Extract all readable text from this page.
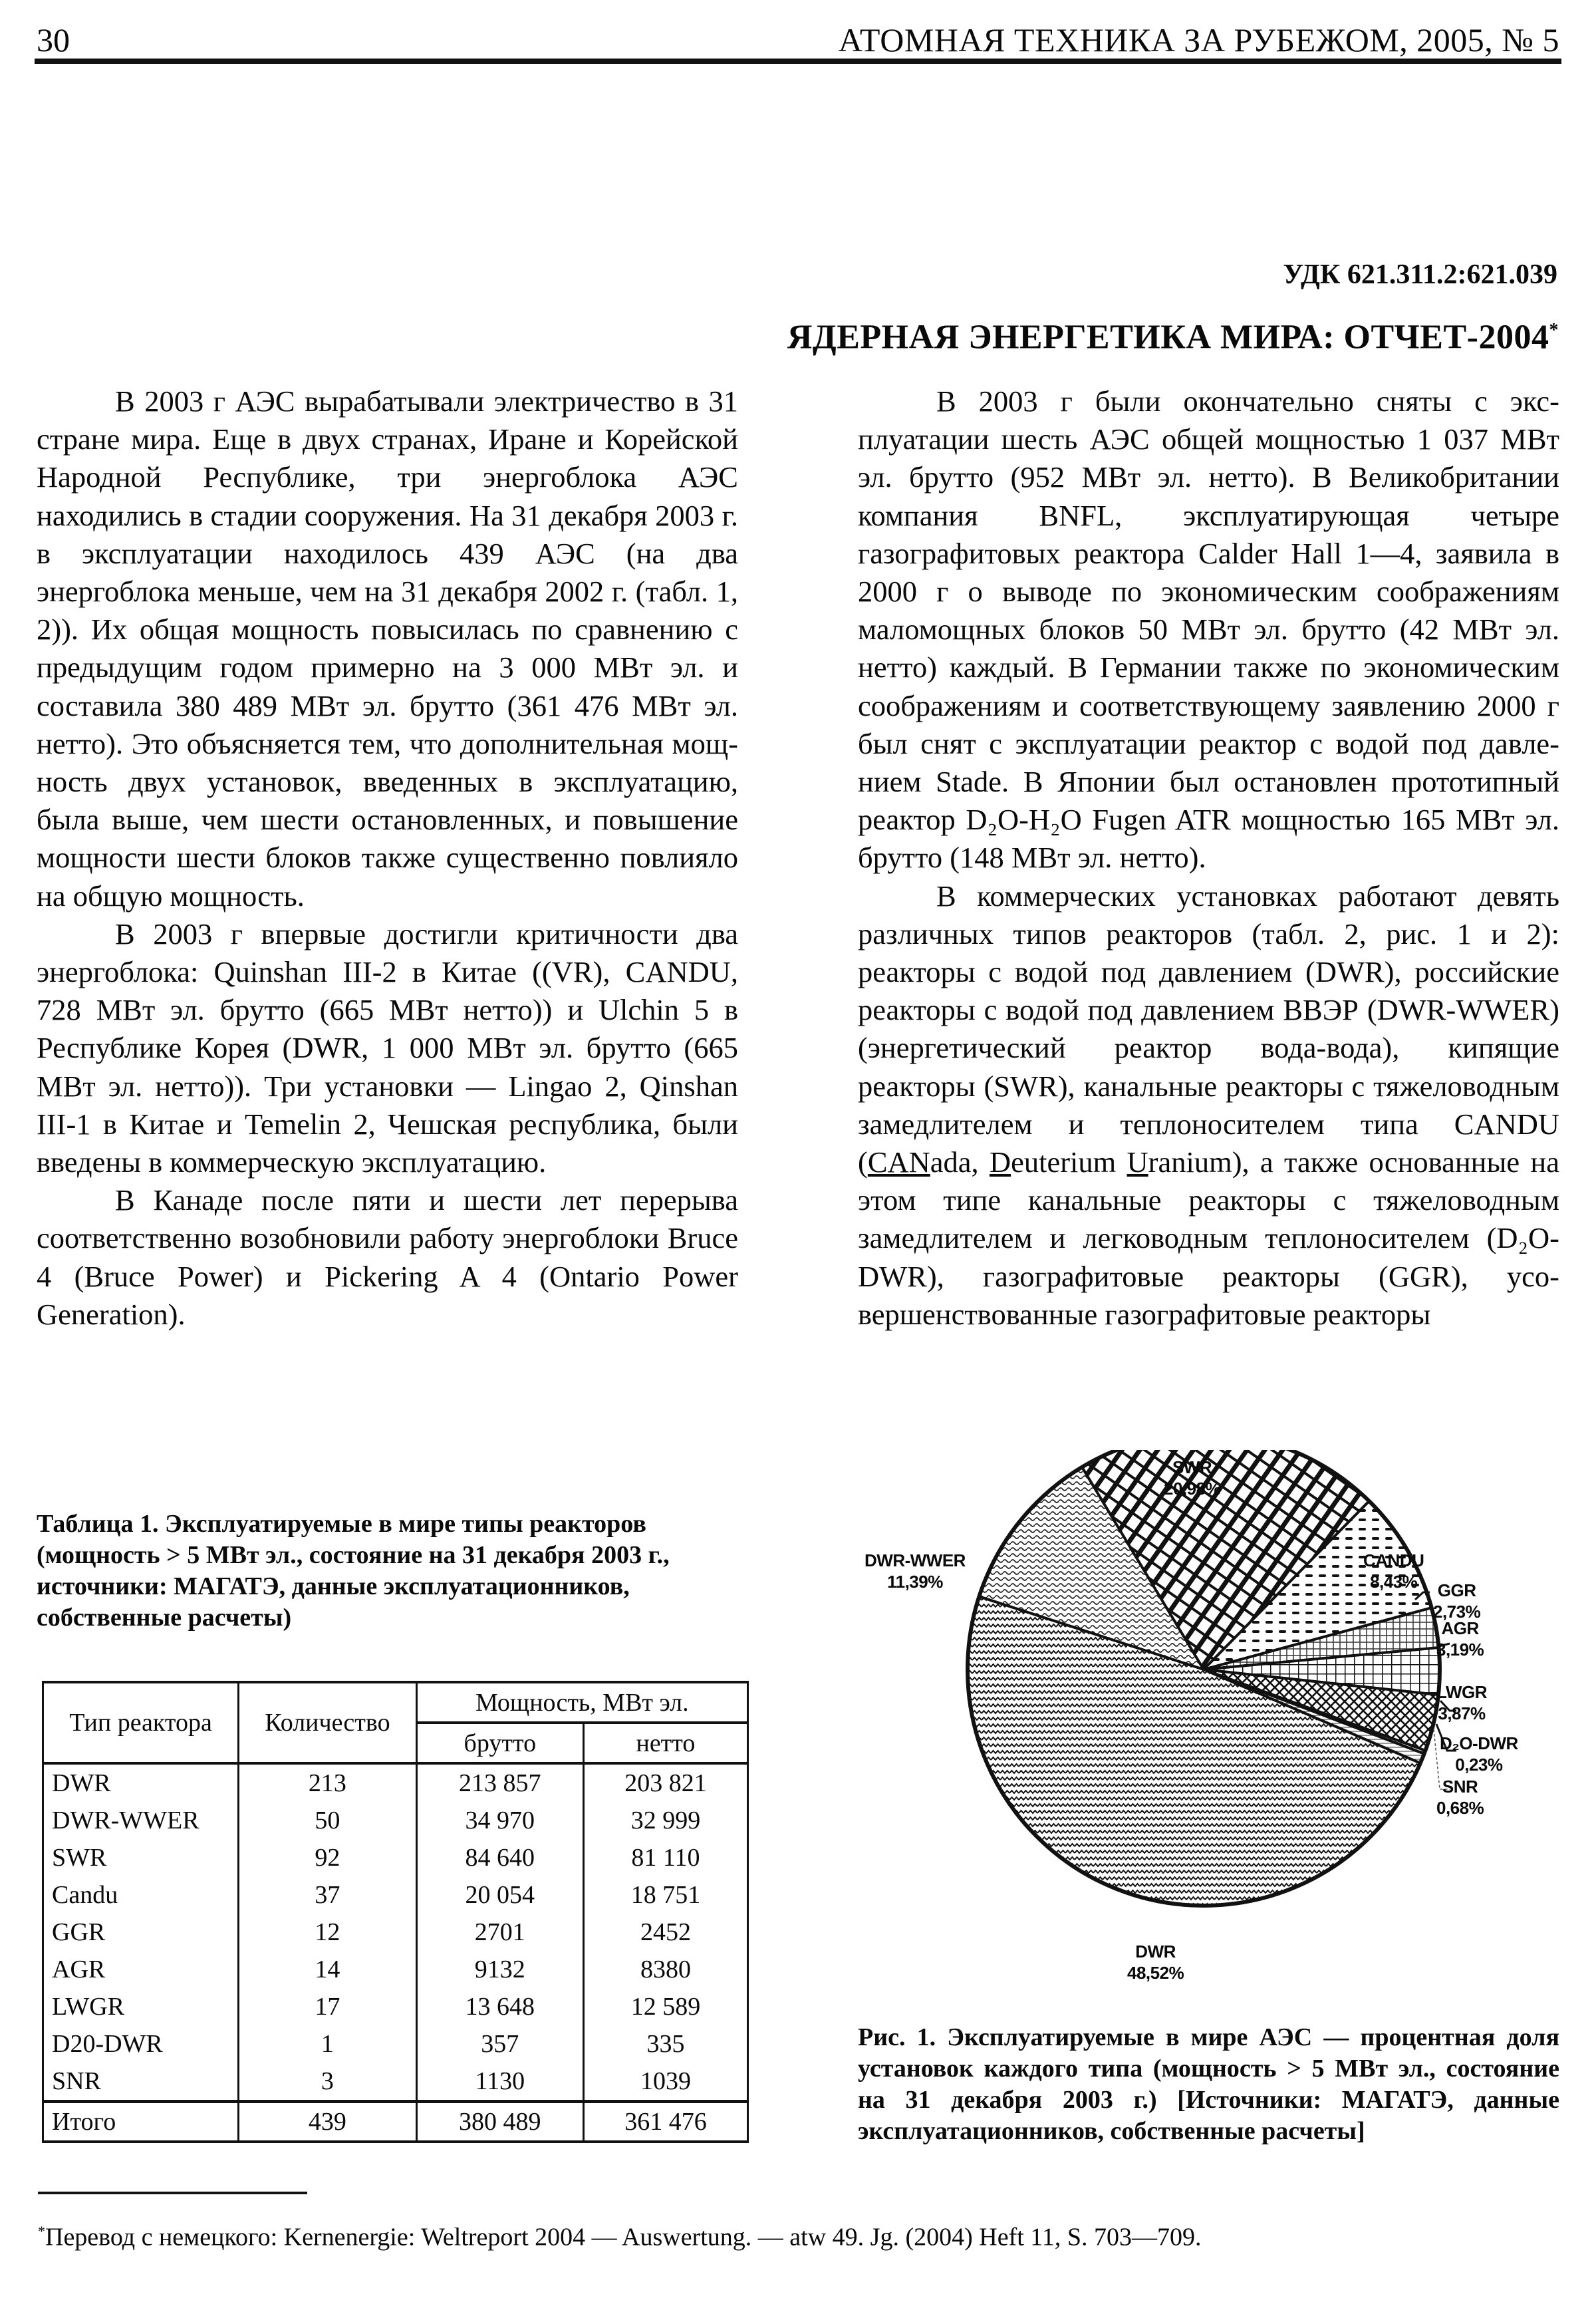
30	АТОМНАЯ ТЕХНИКА ЗА РУБЕЖОМ, 2005, № 5
УДК 621.311.2:621.039
ЯДЕРНАЯ ЭНЕРГЕТИКА МИРА: ОТЧЕТ-2004*

В 2003 г АЭС вырабатывали электричество в 31 стране мира. Еще в двух странах, Иране и Корейской Народной Республике, три энергоблока АЭС находились в стадии сооружения. На 31 декабря 2003 г. в эксплуатации находилось 439 АЭС (на два энергоблока меньше, чем на 31 декабря 2002 г. (табл. 1, 2)). Их общая мощность повысилась по сравнению с предыдущим годом примерно на 3 000 МВт эл. и составила 380 489 МВт эл. брутто (361 476 МВт эл. нетто). Это объясняется тем, что дополнительная мощность двух установок, введенных в эксплуатацию, была выше, чем шести остановленных, и повышение мощности шести блоков также существенно повлияло на общую мощность.

В 2003 г впервые достигли критичности два энергоблока: Quinshan III-2 в Китае ((VR), CANDU, 728 МВт эл. брутто (665 МВт нетто)) и Ulchin 5 в Республике Корея (DWR, 1 000 МВт эл. брутто (665 МВт эл. нетто)). Три установки — Lingao 2, Qinshan III-1 в Китае и Temelin 2, Чешская республика, были введены в коммерческую эксплуатацию.

В Канаде после пяти и шести лет перерыва соответственно возобновили работу энергоблоки Bruce 4 (Bruce Power) и Pickering A 4 (Ontario Power Generation).

В 2003 г были окончательно сняты с эксплуатации шесть АЭС общей мощностью 1 037 МВт эл. брутто (952 МВт эл. нетто). В Великобритании компания BNFL, эксплуатирующая четыре газографитовых реактора Calder Hall 1—4, заявила в 2000 г о выводе по экономическим соображениям маломощных блоков 50 МВт эл. брутто (42 МВт эл. нетто) каждый. В Германии также по экономическим соображениям и соответствующему заявлению 2000 г был снят с эксплуатации реактор с водой под давлением Stade. В Японии был остановлен прототипный реактор D₂O-H₂O Fugen ATR мощностью 165 МВт эл. брутто (148 МВт эл. нетто).

В коммерческих установках работают девять различных типов реакторов (табл. 2, рис. 1 и 2): реакторы с водой под давлением (DWR), российские реакторы с водой под давлением ВВЭР (DWR-WWER) (энергетический реактор вода-вода), кипящие реакторы (SWR), канальные реакторы с тяжеловодным замедлителем и теплоносителем типа CANDU (CANada, Deuterium Uranium), а также основанные на этом типе канальные реакторы с тяжеловодным замедлителем и легководным теплоносителем (D₂O-DWR), газографитовые реакторы (GGR), усовершенствованные газографитовые реакторы

Таблица 1. Эксплуатируемые в мире типы реакторов (мощность > 5 МВт эл., состояние на 31 декабря 2003 г., источники: МАГАТЭ, данные эксплуатационников, собственные расчеты)
Тип реактора	Количество	Мощность, МВт эл.	
		брутто	нетто
DWR	213	213 857	203 821
DWR-WWER	50	34 970	32 999
SWR	92	84 640	81 110
Candu	37	20 054	18 751
GGR	12	2701	2452
AGR	14	9132	8380
LWGR	17	13 648	12 589
D20-DWR	1	357	335
SNR	3	1130	1039
Итого	439	380 489	361 476
SWR
20,98%
DWR-WWER
11,39%
CANDU
8,43%	GGR
2,73%
AGR
3,19%
LWGR
3,87%
D₂O-DWR
0,23%
SNR
0,68%
DWR
48,52%
Рис. 1. Эксплуатируемые в мире АЭС — процентная доля установок каждого типа (мощность > 5 МВт эл., состояние на 31 декабря 2003 г.) [Источники: МАГАТЭ, данные эксплуатационников, собственные расчеты]
*Перевод с немецкого: Kernenergie: Weltreport 2004 — Auswertung. — atw 49. Jg. (2004) Heft 11, S. 703—709.
